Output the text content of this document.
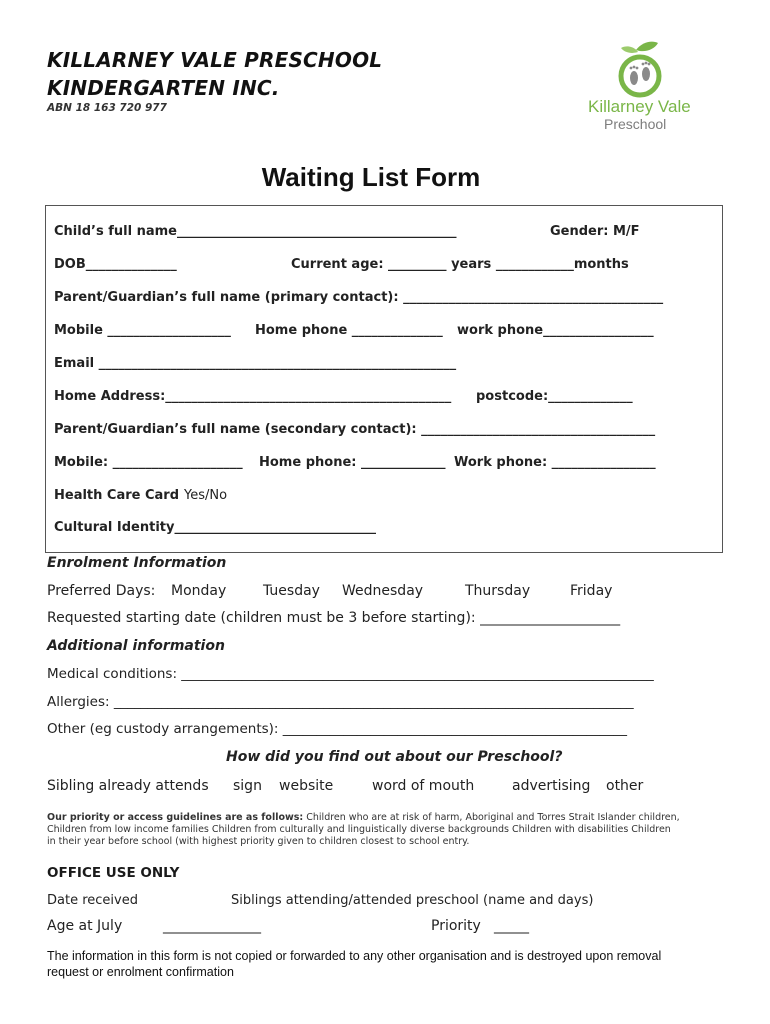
KILLARNEY VALE PRESCHOOL
KINDERGARTEN INC.
ABN 18 163 720 977	Killarney Vale
Preschool
Waiting List Form
Child’s full name___________________________________________	Gender: M/F
DOB______________	Current age: _________ years ____________months
Parent/Guardian’s full name (primary contact): ________________________________________
Mobile ___________________ Home phone ______________ work phone_________________
Email _______________________________________________________
Home Address:____________________________________________ postcode:_____________
Parent/Guardian’s full name (secondary contact): ____________________________________
Mobile: ____________________ Home phone: _____________ Work phone: ________________
Health Care Card Yes/No
Cultural Identity_______________________________
Enrolment Information
Preferred Days: Monday	Tuesday Wednesday	Thursday	Friday
Requested starting date (children must be 3 before starting): ____________________
Additional information
Medical conditions: ______________________________________________________________________
Allergies: _____________________________________________________________________________
Other (eg custody arrangements): ___________________________________________________
How did you find out about our Preschool?
Sibling already attends sign website	word of mouth	advertising other
Our priority or access guidelines are as follows: Children who are at risk of harm, Aboriginal and Torres Strait Islander children,
Children from low income families Children from culturally and linguistically diverse backgrounds Children with disabilities Children
in their year before school (with highest priority given to children closest to school entry.
OFFICE USE ONLY
Date received	Siblings attending/attended preschool (name and days)
Age at July	______________	Priority _____
The information in this form is not copied or forwarded to any other organisation and is destroyed upon removal
request or enrolment confirmation
